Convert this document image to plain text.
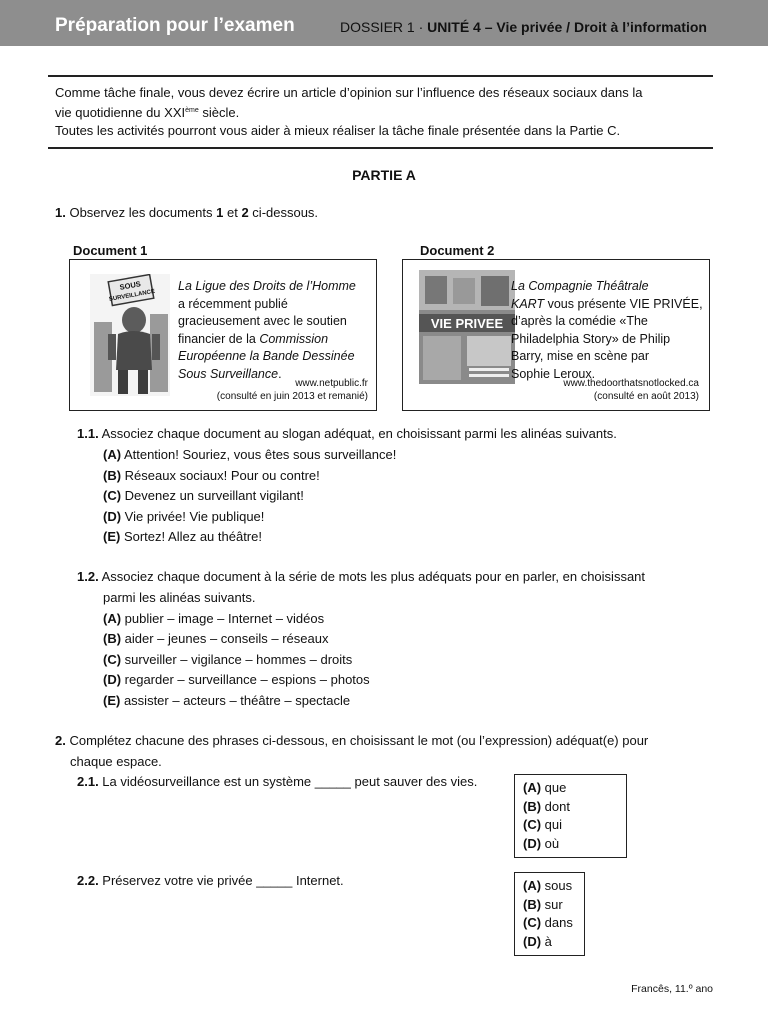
Préparation pour l’examen	DOSSIER 1 · UNITÉ 4 – Vie privée / Droit à l’information
Comme tâche finale, vous devez écrire un article d’opinion sur l’influence des réseaux sociaux dans la
vie quotidienne du XXIème siècle.
Toutes les activités pourront vous aider à mieux réaliser la tâche finale présentée dans la Partie C.
PARTIE A
1. Observez les documents 1 et 2 ci-dessous.
Document 1
SOUS
SURVEILLANCE
La Ligue des Droits de l’Homme
a récemment publié
gracieusement avec le soutien
financier de la Commission
Européenne la Bande Dessinée
Sous Surveillance.
www.netpublic.fr
(consulté en juin 2013 et remanié)
Document 2
VIE PRIVEE
La Compagnie Théâtrale
KART vous présente VIE PRIVÉE,
d’après la comédie «The
Philadelphia Story» de Philip
Barry, mise en scène par
Sophie Leroux.
www.thedoorthatsnotlocked.ca
(consulté en août 2013)
1.1. Associez chaque document au slogan adéquat, en choisissant parmi les alinéas suivants.
(A) Attention! Souriez, vous êtes sous surveillance!
(B) Réseaux sociaux! Pour ou contre!
(C) Devenez un surveillant vigilant!
(D) Vie privée! Vie publique!
(E) Sortez! Allez au théâtre!
1.2. Associez chaque document à la série de mots les plus adéquats pour en parler, en choisissant
parmi les alinéas suivants.
(A) publier – image – Internet – vidéos
(B) aider – jeunes – conseils – réseaux
(C) surveiller – vigilance – hommes – droits
(D) regarder – surveillance – espions – photos
(E) assister – acteurs – théâtre – spectacle
2. Complétez chacune des phrases ci-dessous, en choisissant le mot (ou l’expression) adéquat(e) pour
chaque espace.
2.1. La vidéosurveillance est un système _____ peut sauver des vies.	(A) que
(B) dont
(C) qui
(D) où
2.2. Préservez votre vie privée _____ Internet.	(A) sous
(B) sur
(C) dans
(D) à
Francês, 11.º ano
